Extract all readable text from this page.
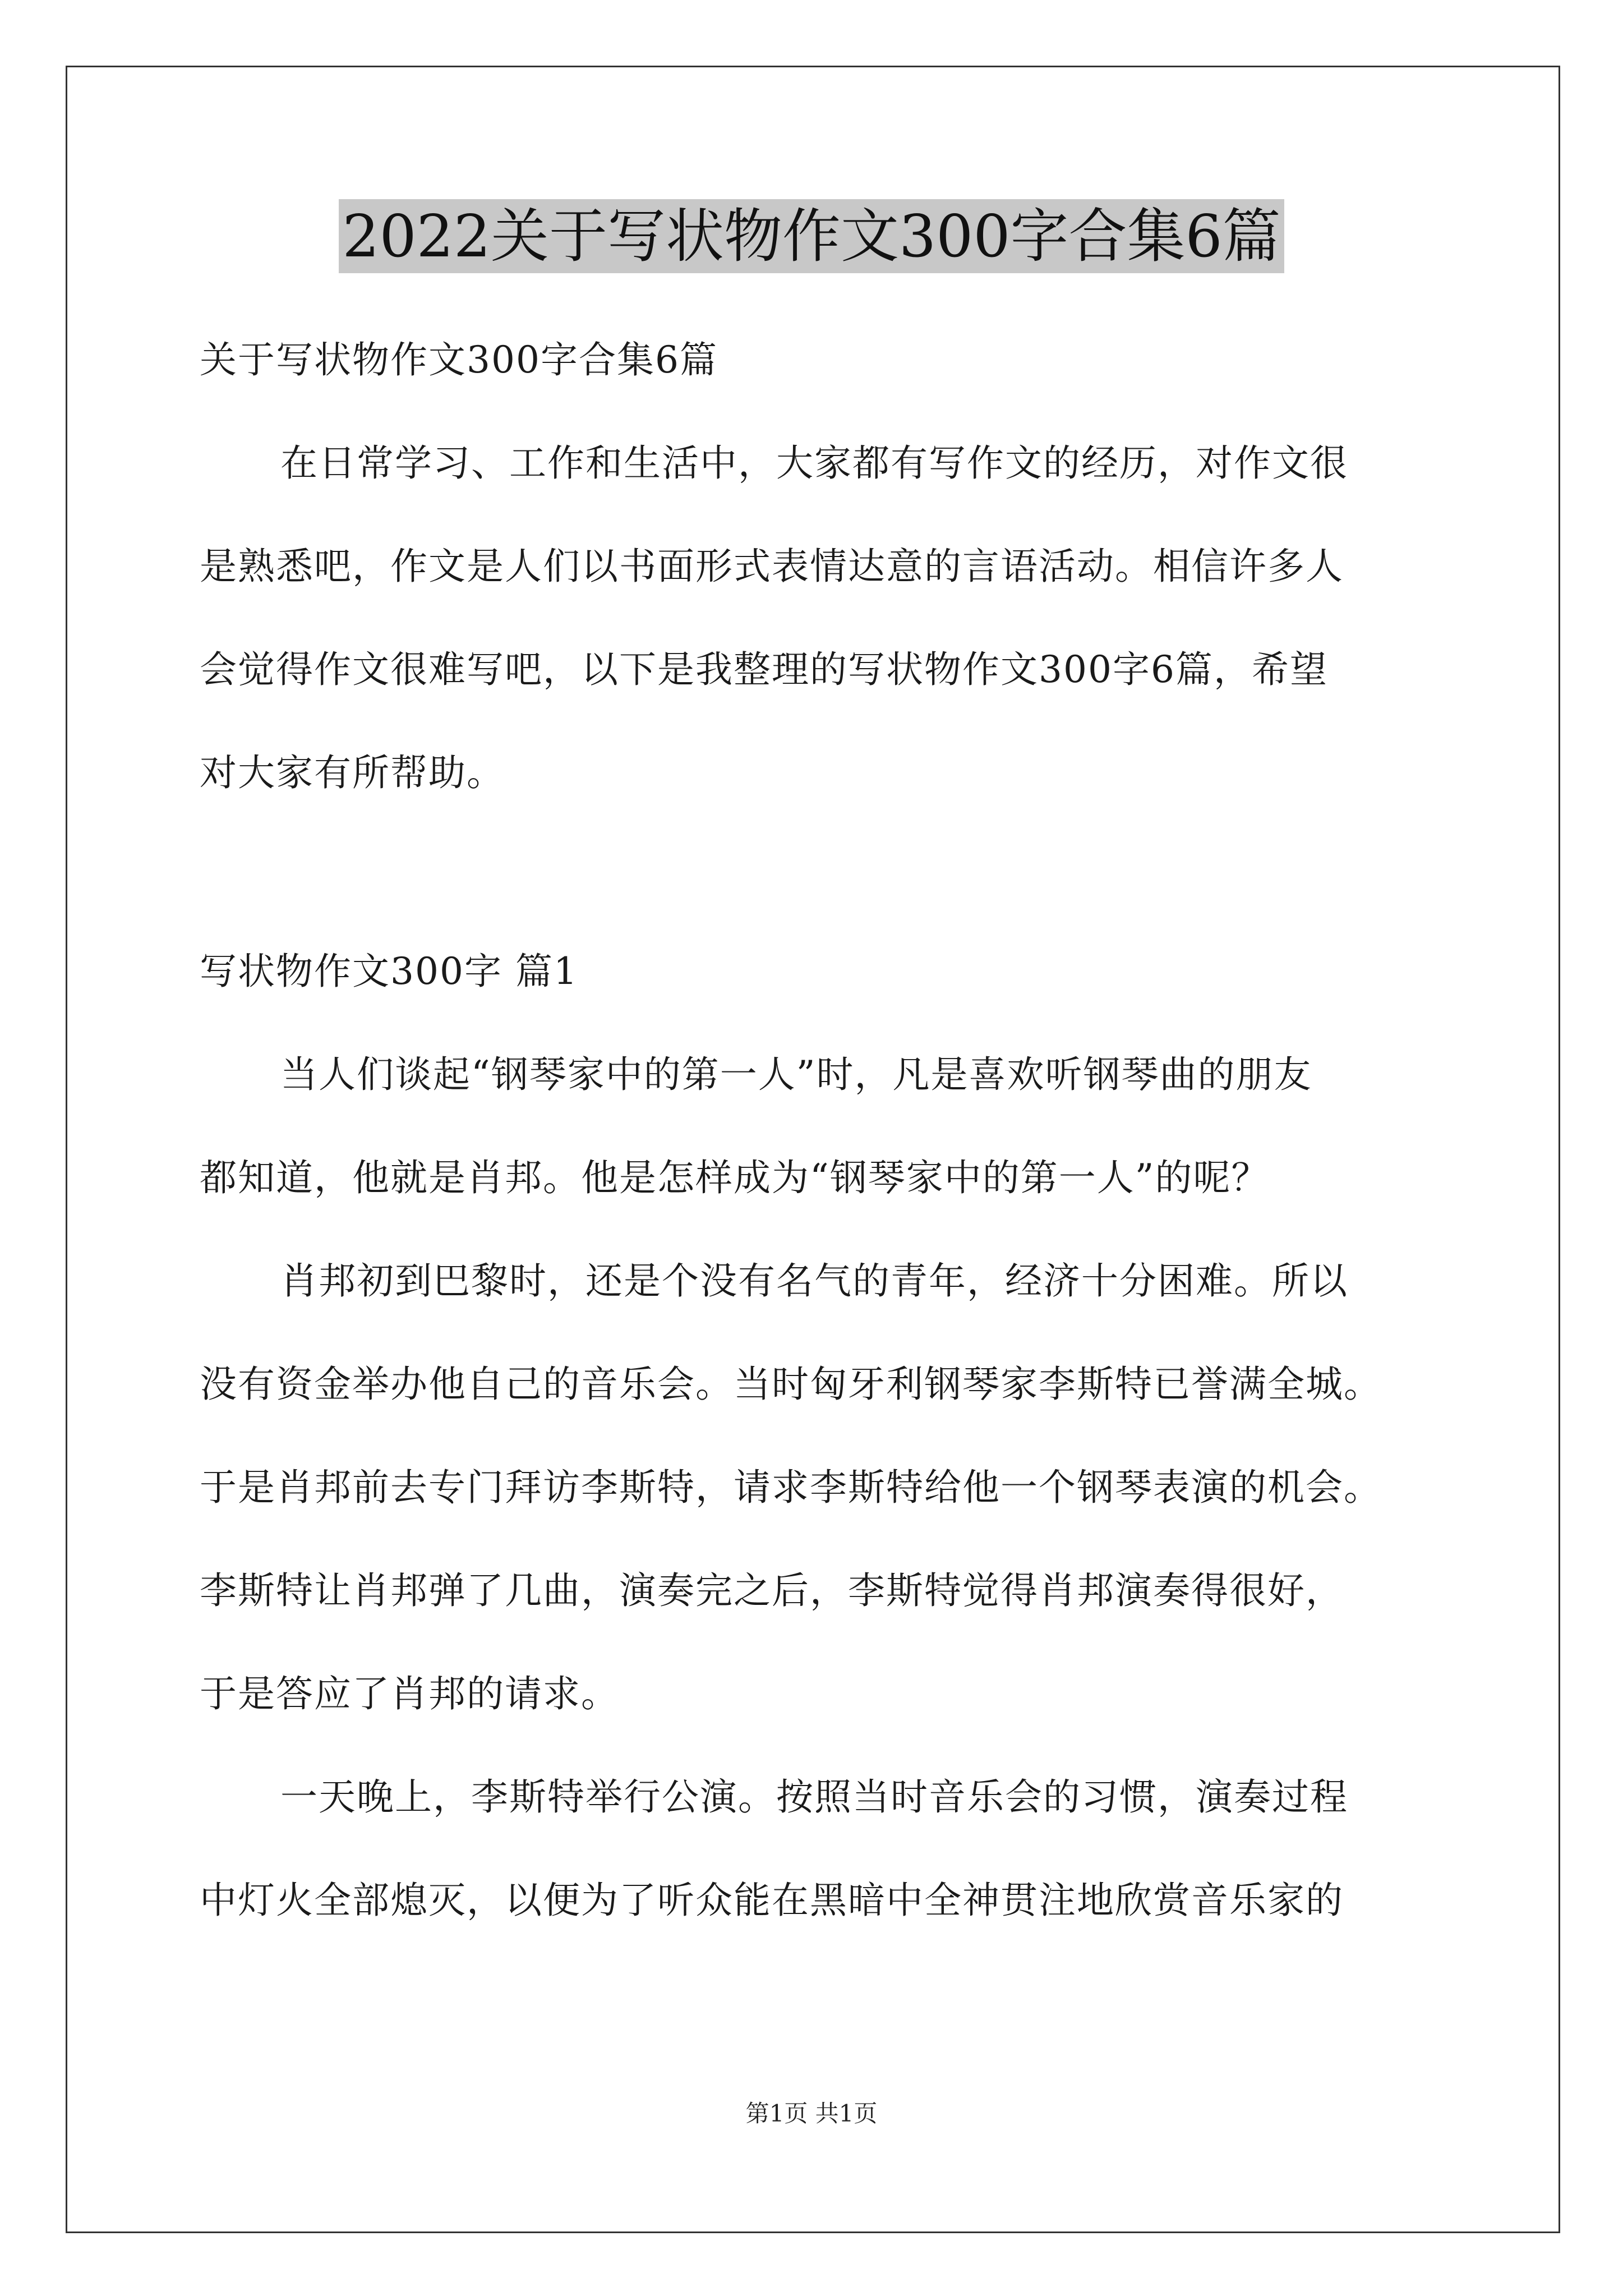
2022关于写状物作文300字合集6篇
关于写状物作文300字合集6篇
在日常学习、工作和生活中，大家都有写作文的经历，对作文很
是熟悉吧，作文是人们以书面形式表情达意的言语活动。相信许多人
会觉得作文很难写吧，以下是我整理的写状物作文300字6篇，希望
对大家有所帮助。
写状物作文300字 篇1
当人们谈起“钢琴家中的第一人”时，凡是喜欢听钢琴曲的朋友
都知道，他就是肖邦。他是怎样成为“钢琴家中的第一人”的呢？
肖邦初到巴黎时，还是个没有名气的青年，经济十分困难。所以
没有资金举办他自己的音乐会。当时匈牙利钢琴家李斯特已誉满全城。
于是肖邦前去专门拜访李斯特，请求李斯特给他一个钢琴表演的机会。
李斯特让肖邦弹了几曲，演奏完之后，李斯特觉得肖邦演奏得很好，
于是答应了肖邦的请求。
一天晚上，李斯特举行公演。按照当时音乐会的习惯，演奏过程
中灯火全部熄灭，以便为了听众能在黑暗中全神贯注地欣赏音乐家的
第1页 共1页
